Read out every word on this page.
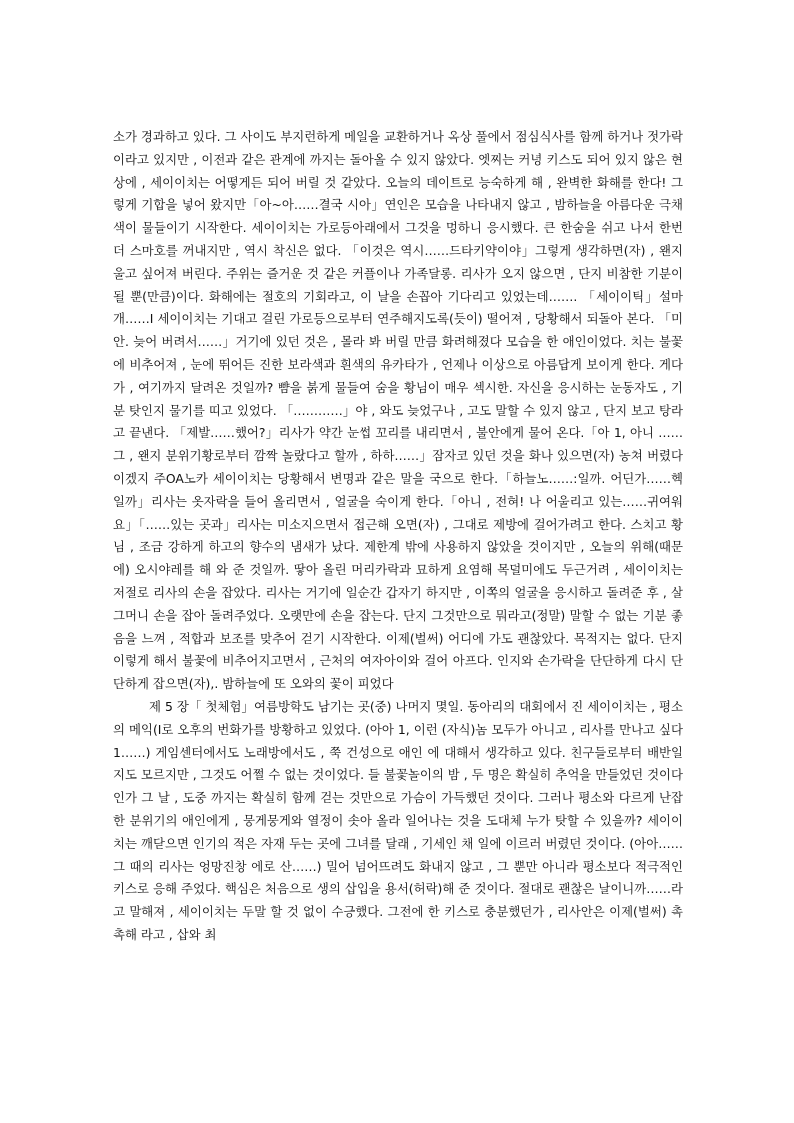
소가 경과하고 있다. 그 사이도 부지런하게 메일을 교환하거나 옥상 풀에서 점심식사를 함께 하거나 젓가락이라고 있지만 , 이전과 같은 관계에 까지는 돌아올 수 있지 않았다. 엣찌는 커녕 키스도 되어 있지 않은 현상에 , 세이이치는 어떻게든 되어 버릴 것 같았다. 오늘의 데이트로 능숙하게 해 , 완벽한 화해를 한다! 그렇게 기합을 넣어 왔지만「아~아……결국 시아」연인은 모습을 나타내지 않고 , 밤하늘을 아름다운 극채색이 물들이기 시작한다. 세이이치는 가로등아래에서 그것을 멍하니 응시했다. 큰 한숨을 쉬고 나서 한번 더 스마호를 꺼내지만 , 역시 착신은 없다. 「이것은 역시……드타키약이야」그렇게 생각하면(자) , 왠지 울고 싶어져 버린다. 주위는 즐거운 것 같은 커플이나 가족달롱. 리사가 오지 않으면 , 단지 비참한 기분이 될 뿐(만큼)이다. 화해에는 절호의 기회라고, 이 날을 손꼽아 기다리고 있었는데……. 「세이이틱」설마 개……I 세이이치는 기대고 걸린 가로등으로부터 연주해지도록(듯이) 떨어져 , 당황해서 되돌아 본다. 「미안. 늦어 버려서……」거기에 있던 것은 , 몰라 봐 버릴 만큼 화려해졌다 모습을 한 애인이었다. 치는 불꽃에 비추어져 , 눈에 뛰어든 진한 보라색과 흰색의 유카타가 , 언제나 이상으로 아름답게 보이게 한다. 게다가 , 여기까지 달려온 것일까? 뺨을 붉게 물들여 숨을 황님이 매우 섹시한. 자신을 응시하는 눈동자도 , 기분 탓인지 물기를 띠고 있었다. 「…………」야 , 와도 늦었구나 , 고도 말할 수 있지 않고 , 단지 보고 탕라고 끝낸다. 「제발……했어?」리사가 약간 눈썹 꼬리를 내리면서 , 불안에게 물어 온다.「아 1, 아니 ……그 , 왠지 분위기황로부터 깜짝 놀랐다고 할까 , 하하……」잠자코 있던 것을 화나 있으면(자) 농쳐 버렸다이겠지 주OA노카 세이이치는 당황해서 변명과 같은 말을 국으로 한다.「하늘노……:일까. 어딘가……헥일까」리사는 옷자락을 들어 올리면서 , 얼굴을 숙이게 한다.「아니 , 전혀! 나 어울리고 있는……귀여워요」「……있는 곳과」리사는 미소지으면서 접근해 오면(자) , 그대로 제방에 걸어가려고 한다. 스치고 황님 , 조금 강하게 하고의 향수의 냄새가 났다. 제한계 밖에 사용하지 않았을 것이지만 , 오늘의 위해(때문에) 오시야레를 해 와 준 것일까. 땋아 올린 머리카락과 묘하게 요염해 목덜미에도 두근거려 , 세이이치는 저절로 리사의 손을 잡았다. 리사는 거기에 일순간 갑자기 하지만 , 이쪽의 얼굴을 응시하고 돌려준 후 , 살그머니 손을 잡아 돌려주었다. 오랫만에 손을 잡는다. 단지 그것만으로 뭐라고(정말) 말할 수 없는 기분 좋음을 느껴 , 적합과 보조를 맞추어 걷기 시작한다. 이제(벌써) 어디에 가도 괜찮았다. 목적지는 없다. 단지 이렇게 해서 불꽃에 비추어지고면서 , 근처의 여자아이와 걸어 아프다. 인지와 손가락을 단단하게 다시 단단하게 잡으면(자),. 밤하늘에 또 오와의 꽃이 피었다

제 5 장「 첫체험」여름방학도 남기는 곳(중) 나머지 몇일. 동아리의 대회에서 진 세이이치는 , 평소의 메익(I로 오후의 번화가를 방황하고 있었다. (아아 1, 이런 (자식)놈 모두가 아니고 , 리사를 만나고 싶다 1……) 게임센터에서도 노래방에서도 , 쭉 건성으로 애인 에 대해서 생각하고 있다. 친구들로부터 배반일지도 모르지만 , 그것도 어쩔 수 없는 것이었다. 들 불꽃놀이의 밤 , 두 명은 확실히 추억을 만들었던 것이다인가 그 날 , 도중 까지는 확실히 함께 걷는 것만으로 가슴이 가득했던 것이다. 그러나 평소와 다르게 난잡한 분위기의 애인에게 , 뭉게뭉게와 열정이 솟아 올라 일어나는 것을 도대체 누가 탓할 수 있을까? 세이이치는 깨닫으면 인기의 적은 자재 두는 곳에 그녀를 달래 , 기세인 채 일에 이르러 버렸던 것이다. (아아……그 때의 리사는 엉망진창 에로 산……) 밀어 넘어뜨려도 화내지 않고 , 그 뿐만 아니라 평소보다 적극적인 키스로 응해 주었다. 핵심은 처음으로 생의 삽입을 용서(허락)해 준 것이다. 절대로 괜찮은 날이니까……라고 말해져 , 세이이치는 두말 할 것 없이 수긍했다. 그전에 한 키스로 충분했던가 , 리사안은 이제(벌써) 촉촉해 라고 , 삽와 최
